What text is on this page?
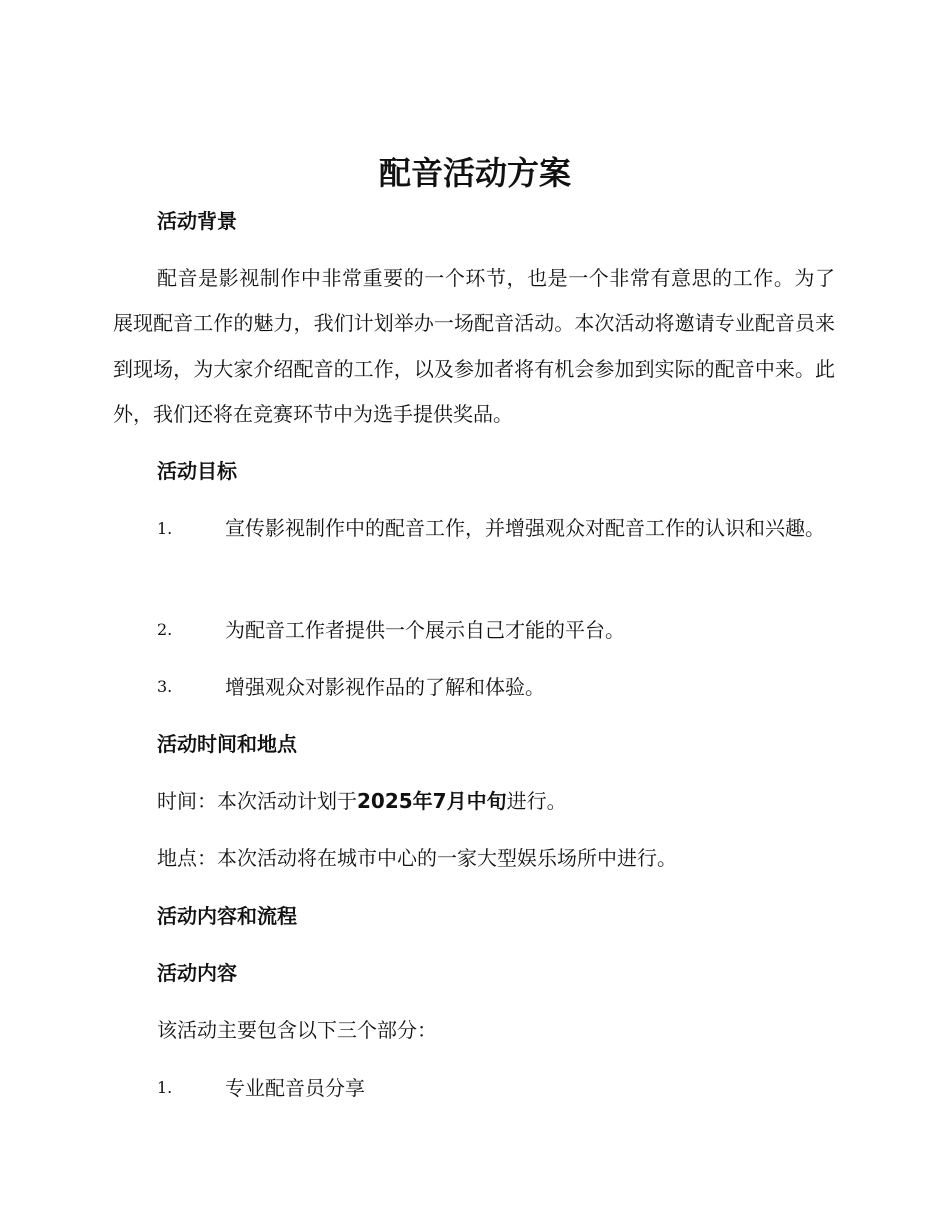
配音活动方案
活动背景
配音是影视制作中非常重要的一个环节，也是一个非常有意思的工作。为了展现配音工作的魅力，我们计划举办一场配音活动。本次活动将邀请专业配音员来到现场，为大家介绍配音的工作，以及参加者将有机会参加到实际的配音中来。此外，我们还将在竞赛环节中为选手提供奖品。
活动目标
1.	宣传影视制作中的配音工作，并增强观众对配音工作的认识和兴趣。
2.	为配音工作者提供一个展示自己才能的平台。
3.	增强观众对影视作品的了解和体验。
活动时间和地点
时间：本次活动计划于2025年7月中旬进行。
地点：本次活动将在城市中心的一家大型娱乐场所中进行。
活动内容和流程
活动内容
该活动主要包含以下三个部分：
1.	专业配音员分享
